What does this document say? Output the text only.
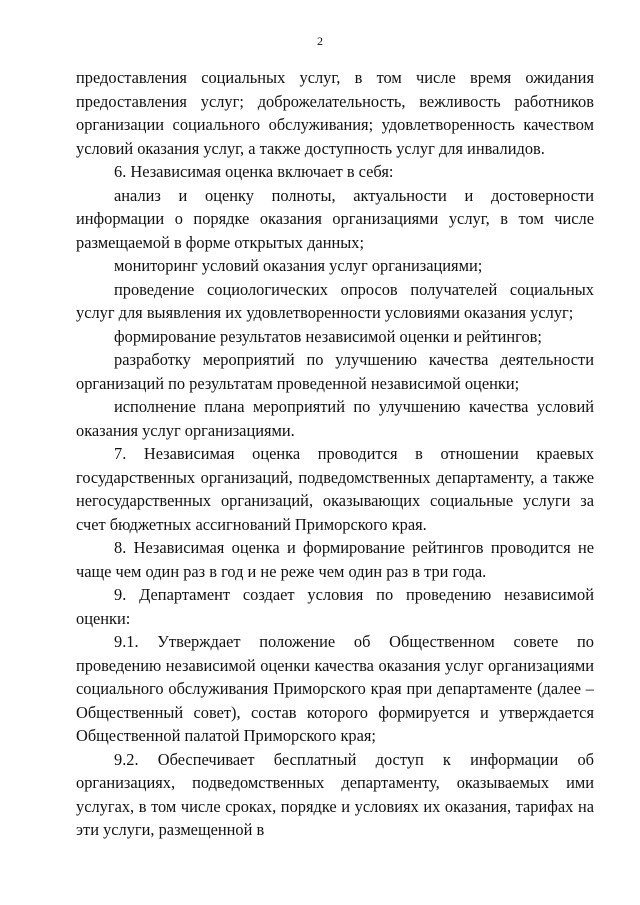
2

предоставления социальных услуг, в том числе время ожидания предоставления услуг; доброжелательность, вежливость работников организации социального обслуживания; удовлетворенность качеством условий оказания услуг, а также доступность услуг для инвалидов.

6. Независимая оценка включает в себя:

анализ и оценку полноты, актуальности и достоверности информации о порядке оказания организациями услуг, в том числе размещаемой в форме открытых данных;

мониторинг условий оказания услуг организациями;

проведение социологических опросов получателей социальных услуг для выявления их удовлетворенности условиями оказания услуг;

формирование результатов независимой оценки и рейтингов;

разработку мероприятий по улучшению качества деятельности организаций по результатам проведенной независимой оценки;

исполнение плана мероприятий по улучшению качества условий оказания услуг организациями.

7. Независимая оценка проводится в отношении краевых государственных организаций, подведомственных департаменту, а также негосударственных организаций, оказывающих социальные услуги за счет бюджетных ассигнований Приморского края.

8. Независимая оценка и формирование рейтингов проводится не чаще чем один раз в год и не реже чем один раз в три года.

9. Департамент создает условия по проведению независимой оценки:

9.1. Утверждает положение об Общественном совете по проведению независимой оценки качества оказания услуг организациями социального обслуживания Приморского края при департаменте (далее – Общественный совет), состав которого формируется и утверждается Общественной палатой Приморского края;

9.2. Обеспечивает бесплатный доступ к информации об организациях, подведомственных департаменту, оказываемых ими услугах, в том числе сроках, порядке и условиях их оказания, тарифах на эти услуги, размещенной в
